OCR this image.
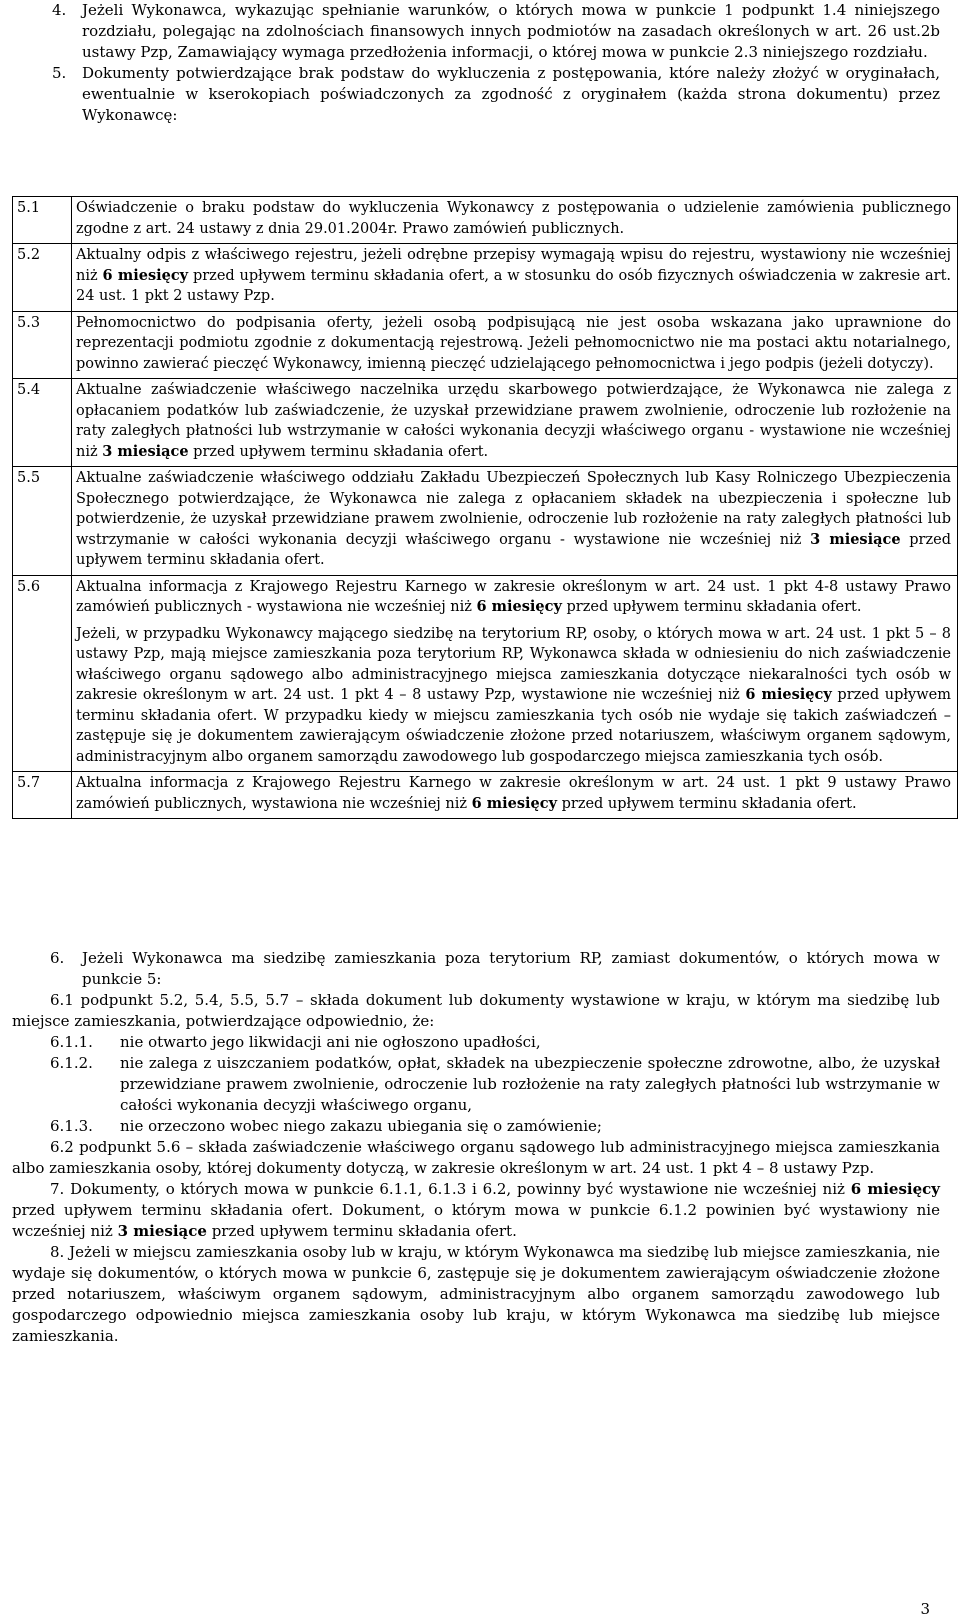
4. Jeżeli Wykonawca, wykazując spełnianie warunków, o których mowa w punkcie 1 podpunkt 1.4 niniejszego rozdziału, polegając na zdolnościach finansowych innych podmiotów na zasadach określonych w art. 26 ust.2b ustawy Pzp, Zamawiający wymaga przedłożenia informacji, o której mowa w punkcie 2.3 niniejszego rozdziału.

5. Dokumenty potwierdzające brak podstaw do wykluczenia z postępowania, które należy złożyć w oryginałach, ewentualnie w kserokopiach poświadczonych za zgodność z oryginałem (każda strona dokumentu) przez Wykonawcę:

5.1	Oświadczenie o braku podstaw do wykluczenia Wykonawcy z postępowania o udzielenie zamówienia publicznego zgodne z art. 24 ustawy z dnia 29.01.2004r. Prawo zamówień publicznych.

5.2	Aktualny odpis z właściwego rejestru, jeżeli odrębne przepisy wymagają wpisu do rejestru, wystawiony nie wcześniej niż 6 miesięcy przed upływem terminu składania ofert, a w stosunku do osób fizycznych oświadczenia w zakresie art. 24 ust. 1 pkt 2 ustawy Pzp.

5.3	Pełnomocnictwo do podpisania oferty, jeżeli osobą podpisującą nie jest osoba wskazana jako uprawnione do reprezentacji podmiotu zgodnie z dokumentacją rejestrową. Jeżeli pełnomocnictwo nie ma postaci aktu notarialnego, powinno zawierać pieczęć Wykonawcy, imienną pieczęć udzielającego pełnomocnictwa i jego podpis (jeżeli dotyczy).

5.4	Aktualne zaświadczenie właściwego naczelnika urzędu skarbowego potwierdzające, że Wykonawca nie zalega z opłacaniem podatków lub zaświadczenie, że uzyskał przewidziane prawem zwolnienie, odroczenie lub rozłożenie na raty zaległych płatności lub wstrzymanie w całości wykonania decyzji właściwego organu - wystawione nie wcześniej niż 3 miesiące przed upływem terminu składania ofert.

5.5	Aktualne zaświadczenie właściwego oddziału Zakładu Ubezpieczeń Społecznych lub Kasy Rolniczego Ubezpieczenia Społecznego potwierdzające, że Wykonawca nie zalega z opłacaniem składek na ubezpieczenia i społeczne lub potwierdzenie, że uzyskał przewidziane prawem zwolnienie, odroczenie lub rozłożenie na raty zaległych płatności lub wstrzymanie w całości wykonania decyzji właściwego organu - wystawione nie wcześniej niż 3 miesiące przed upływem terminu składania ofert.

5.6	Aktualna informacja z Krajowego Rejestru Karnego w zakresie określonym w art. 24 ust. 1 pkt 4-8 ustawy Prawo zamówień publicznych - wystawiona nie wcześniej niż 6 miesięcy przed upływem terminu składania ofert.

Jeżeli, w przypadku Wykonawcy mającego siedzibę na terytorium RP, osoby, o których mowa w art. 24 ust. 1 pkt 5 – 8 ustawy Pzp, mają miejsce zamieszkania poza terytorium RP, Wykonawca składa w odniesieniu do nich zaświadczenie właściwego organu sądowego albo administracyjnego miejsca zamieszkania dotyczące niekaralności tych osób w zakresie określonym w art. 24 ust. 1 pkt 4 – 8 ustawy Pzp, wystawione nie wcześniej niż 6 miesięcy przed upływem terminu składania ofert. W przypadku kiedy w miejscu zamieszkania tych osób nie wydaje się takich zaświadczeń – zastępuje się je dokumentem zawierającym oświadczenie złożone przed notariuszem, właściwym organem sądowym, administracyjnym albo organem samorządu zawodowego lub gospodarczego miejsca zamieszkania tych osób.

5.7	Aktualna informacja z Krajowego Rejestru Karnego w zakresie określonym w art. 24 ust. 1 pkt 9 ustawy Prawo zamówień publicznych, wystawiona nie wcześniej niż 6 miesięcy przed upływem terminu składania ofert.

6. Jeżeli Wykonawca ma siedzibę zamieszkania poza terytorium RP, zamiast dokumentów, o których mowa w punkcie 5:

6.1 podpunkt 5.2, 5.4, 5.5, 5.7 – składa dokument lub dokumenty wystawione w kraju, w którym ma siedzibę lub miejsce zamieszkania, potwierdzające odpowiednio, że:

6.1.1.	nie otwarto jego likwidacji ani nie ogłoszono upadłości,
6.1.2.	nie zalega z uiszczaniem podatków, opłat, składek na ubezpieczenie społeczne zdrowotne, albo, że uzyskał przewidziane prawem zwolnienie, odroczenie lub rozłożenie na raty zaległych płatności lub wstrzymanie w całości wykonania decyzji właściwego organu,
6.1.3.	nie orzeczono wobec niego zakazu ubiegania się o zamówienie;

6.2 podpunkt 5.6 – składa zaświadczenie właściwego organu sądowego lub administracyjnego miejsca zamieszkania albo zamieszkania osoby, której dokumenty dotyczą, w zakresie określonym w art. 24 ust. 1 pkt 4 – 8 ustawy Pzp.

7. Dokumenty, o których mowa w punkcie 6.1.1, 6.1.3 i 6.2, powinny być wystawione nie wcześniej niż 6 miesięcy przed upływem terminu składania ofert. Dokument, o którym mowa w punkcie 6.1.2 powinien być wystawiony nie wcześniej niż 3 miesiące przed upływem terminu składania ofert.

8. Jeżeli w miejscu zamieszkania osoby lub w kraju, w którym Wykonawca ma siedzibę lub miejsce zamieszkania, nie wydaje się dokumentów, o których mowa w punkcie 6, zastępuje się je dokumentem zawierającym oświadczenie złożone przed notariuszem, właściwym organem sądowym, administracyjnym albo organem samorządu zawodowego lub gospodarczego odpowiednio miejsca zamieszkania osoby lub kraju, w którym Wykonawca ma siedzibę lub miejsce zamieszkania.

3
